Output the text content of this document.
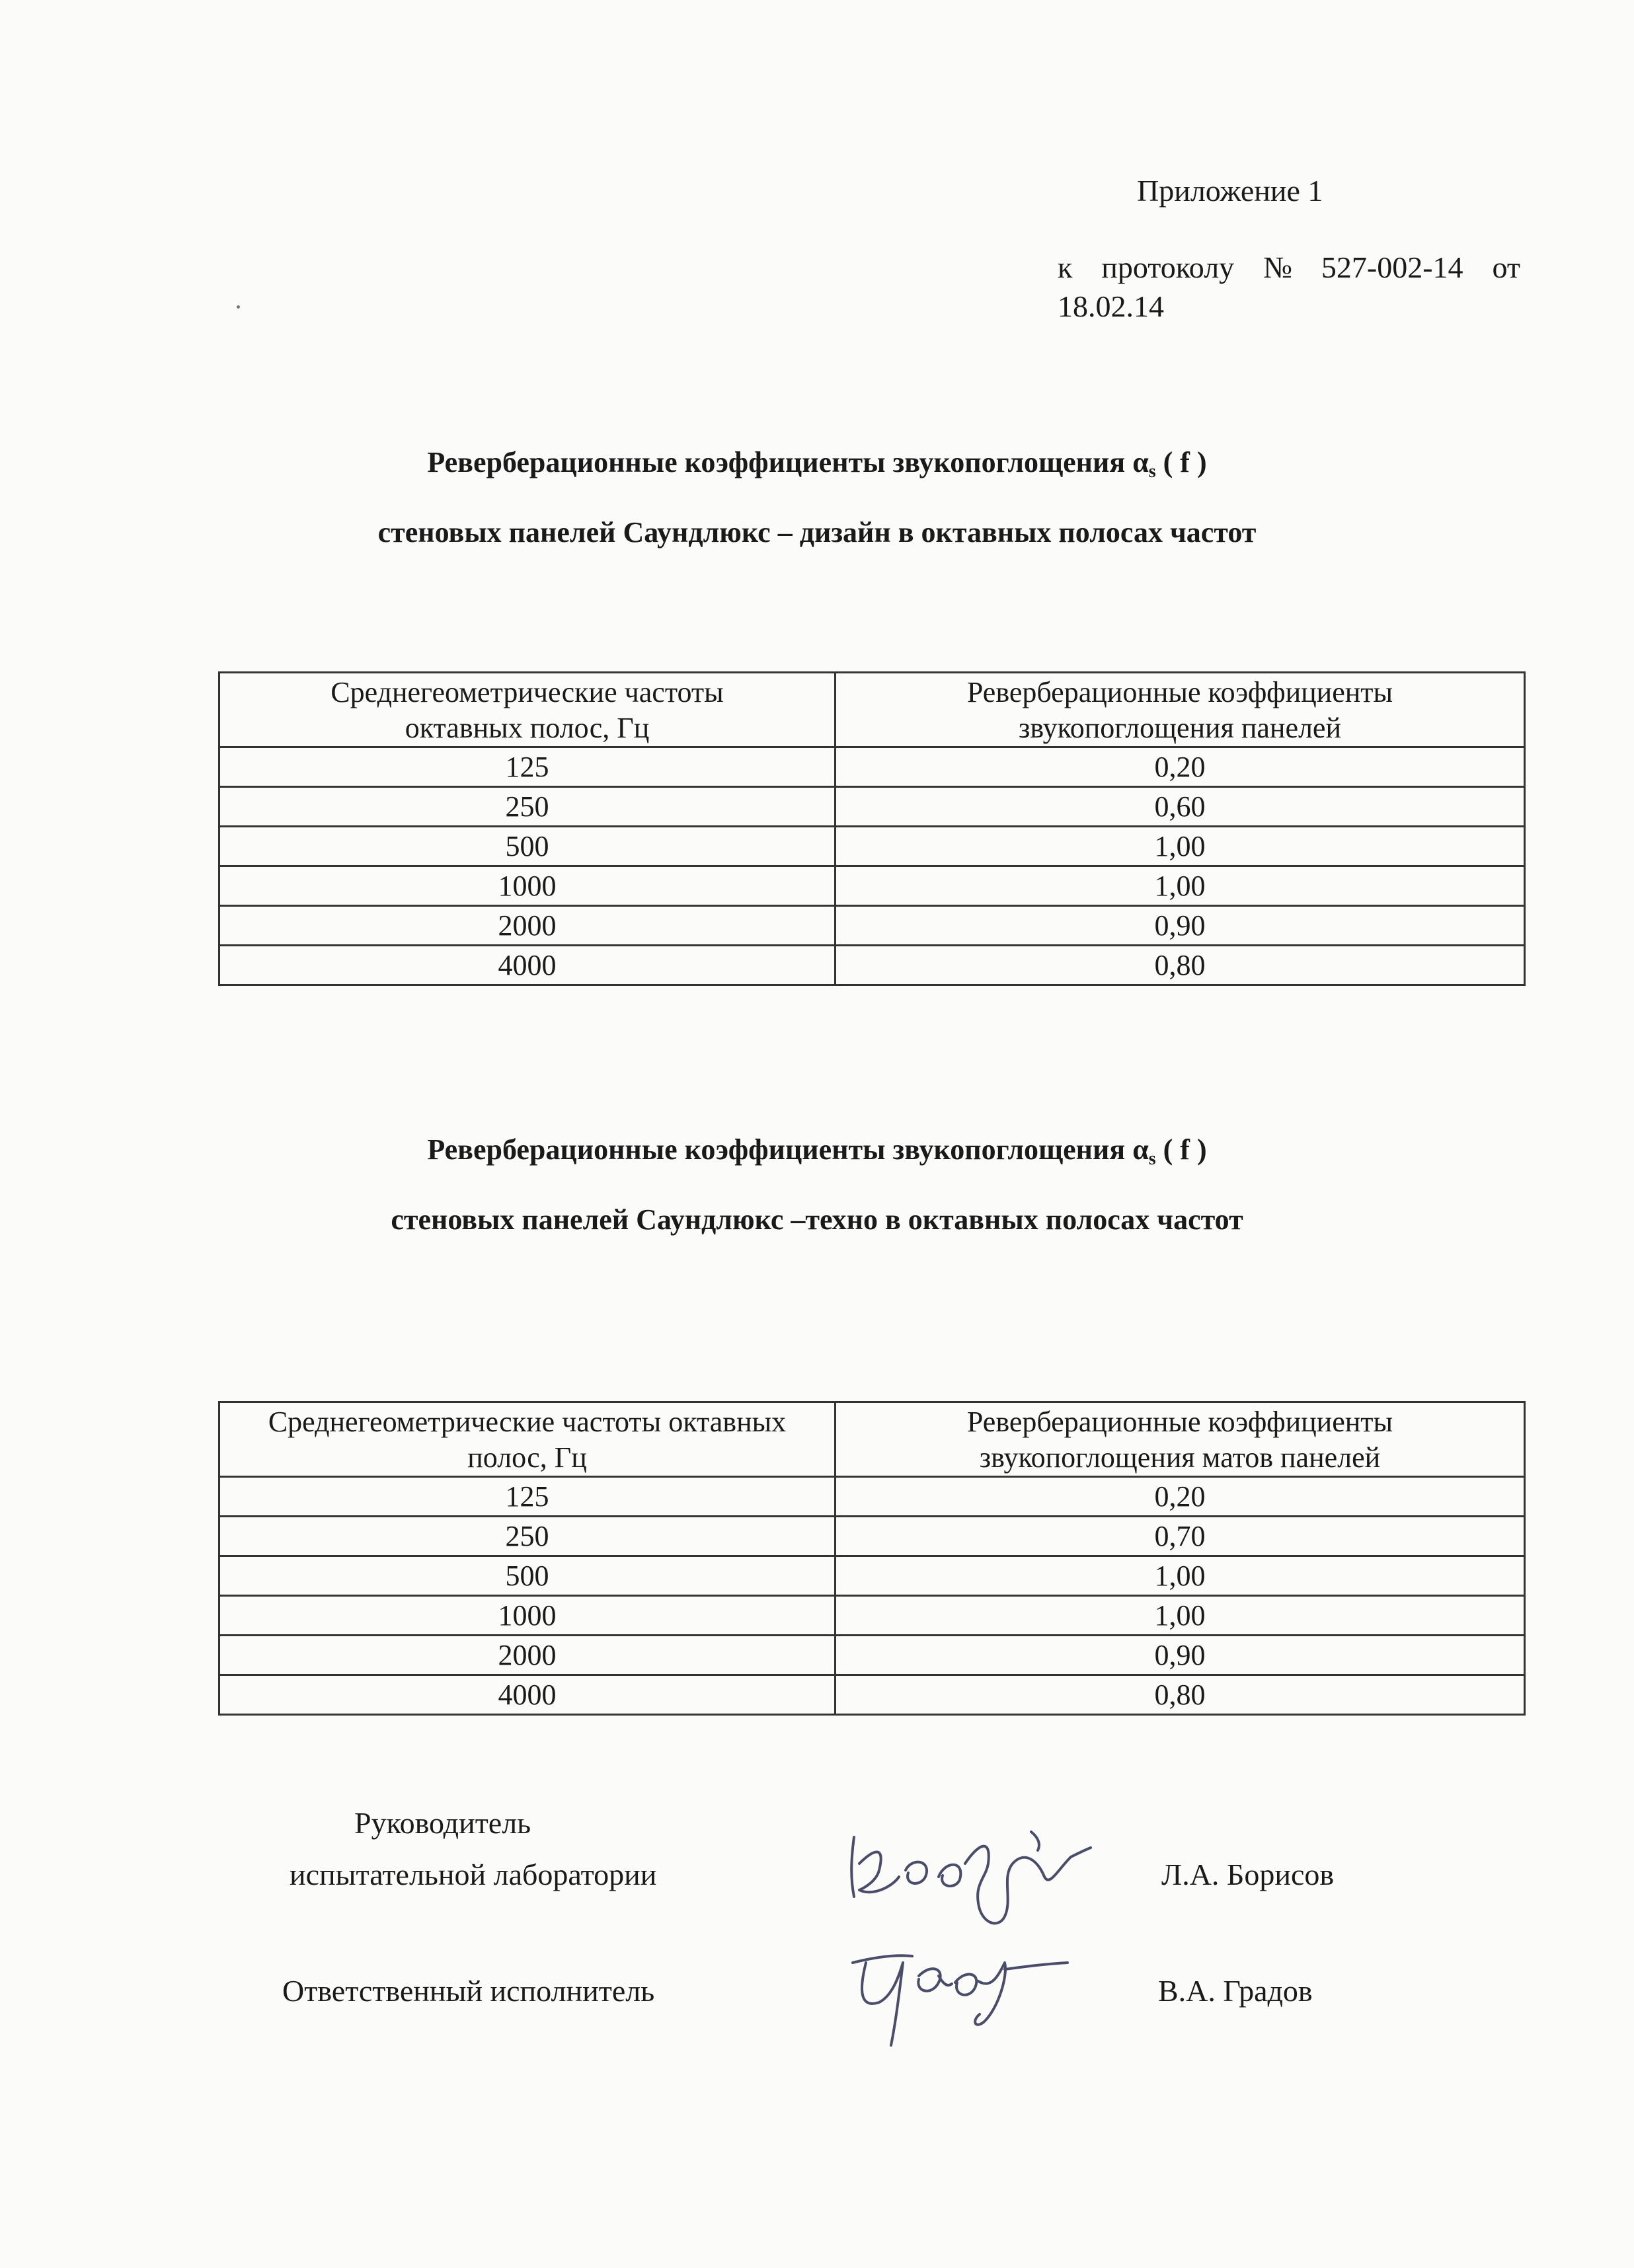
Приложение 1
к протоколу № 527-002-14 от
18.02.14
Реверберационные коэффициенты звукопоглощения $\alpha_s$ ( f )
стеновых панелей Саундлюкс – дизайн в октавных полосах частот
Среднегеометрические частоты октавных полос, Гц	Реверберационные коэффициенты звукопоглощения панелей
125	0,20
250	0,60
500	1,00
1000	1,00
2000	0,90
4000	0,80
Реверберационные коэффициенты звукопоглощения $\alpha_s$ ( f )
стеновых панелей Саундлюкс –техно в октавных полосах частот
Среднегеометрические частоты октавных полос, Гц	Реверберационные коэффициенты звукопоглощения матов панелей
125	0,20
250	0,70
500	1,00
1000	1,00
2000	0,90
4000	0,80
Руководитель
испытательной лаборатории	Л.А. Борисов
Ответственный исполнитель	В.А. Градов
